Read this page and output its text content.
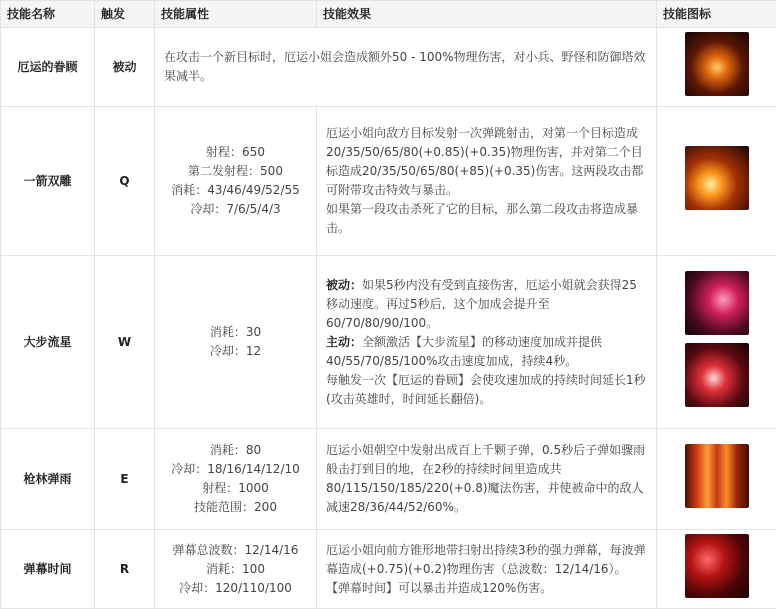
技能名称	触发	技能属性	技能效果	技能图标
厄运的眷顾	被动	在攻击一个新目标时，厄运小姐会造成额外50 - 100%物理伤害，对小兵、野怪和防御塔效果减半。		

一箭双雕	Q	射程：650
第二发射程：500
消耗：43/46/49/52/55
冷却：7/6/5/4/3	厄运小姐向敌方目标发射一次弹跳射击，对第一个目标造成20/35/50/65/80(+0.85)(+0.35)物理伤害，并对第二个目标造成20/35/50/65/80(+85)(+0.35)伤害。这两段攻击都可附带攻击特效与暴击。
如果第一段攻击杀死了它的目标，那么第二段攻击将造成暴击。	

大步流星	W	消耗：30
冷却：12	被动：如果5秒内没有受到直接伤害，厄运小姐就会获得25移动速度。再过5秒后，这个加成会提升至60/70/80/90/100。
主动：全额激活【大步流星】的移动速度加成并提供40/55/70/85/100%攻击速度加成，持续4秒。
每触发一次【厄运的眷顾】会使攻速加成的持续时间延长1秒(攻击英雄时，时间延长翻倍)。	

枪林弹雨	E	消耗：80
冷却：18/16/14/12/10
射程：1000
技能范围：200	厄运小姐朝空中发射出成百上千颗子弹，0.5秒后子弹如骤雨般击打到目的地，在2秒的持续时间里造成共80/115/150/185/220(+0.8)魔法伤害，并使被命中的敌人减速28/36/44/52/60%。	

弹幕时间	R	弹幕总波数：12/14/16
消耗：100
冷却：120/110/100	厄运小姐向前方锥形地带扫射出持续3秒的强力弹幕，每波弹幕造成(+0.75)(+0.2)物理伤害（总波数：12/14/16）。
【弹幕时间】可以暴击并造成120%伤害。	
